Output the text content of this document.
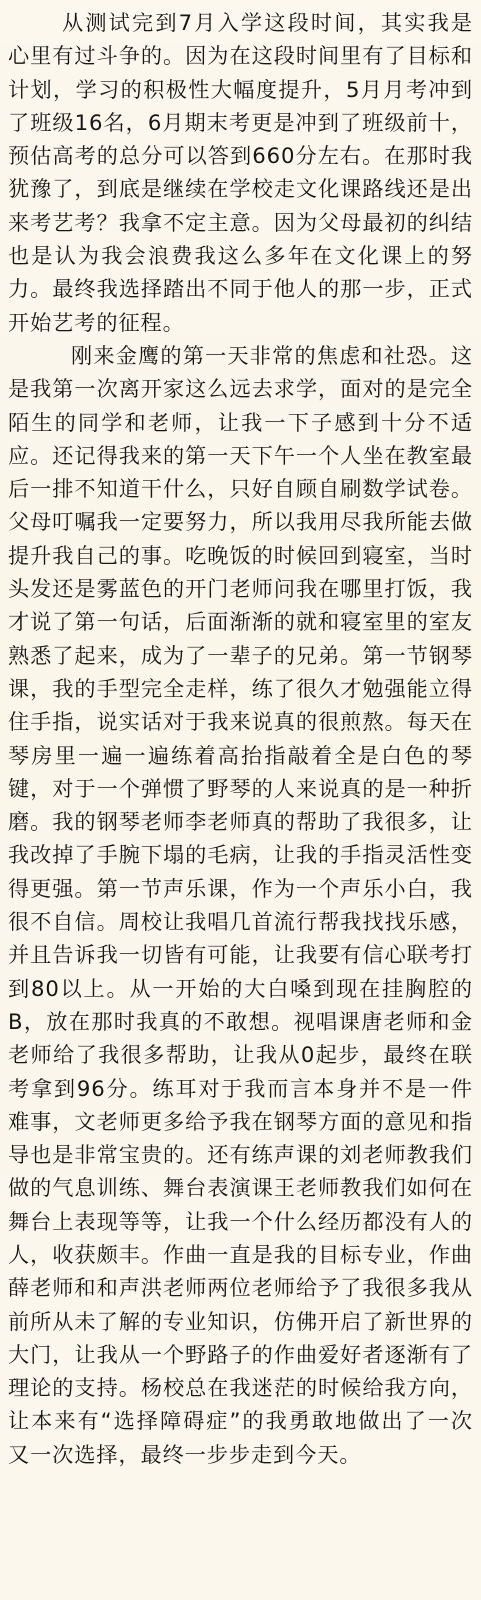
从测试完到7月入学这段时间，其实我是心里有过斗争的。因为在这段时间里有了目标和计划，学习的积极性大幅度提升，5月月考冲到了班级16名，6月期末考更是冲到了班级前十，预估高考的总分可以答到660分左右。在那时我犹豫了，到底是继续在学校走文化课路线还是出来考艺考？我拿不定主意。因为父母最初的纠结也是认为我会浪费我这么多年在文化课上的努力。最终我选择踏出不同于他人的那一步，正式开始艺考的征程。

刚来金鹰的第一天非常的焦虑和社恐。这是我第一次离开家这么远去求学，面对的是完全陌生的同学和老师，让我一下子感到十分不适应。还记得我来的第一天下午一个人坐在教室最后一排不知道干什么，只好自顾自刷数学试卷。父母叮嘱我一定要努力，所以我用尽我所能去做提升我自己的事。吃晚饭的时候回到寝室，当时头发还是雾蓝色的开门老师问我在哪里打饭，我才说了第一句话，后面渐渐的就和寝室里的室友熟悉了起来，成为了一辈子的兄弟。第一节钢琴课，我的手型完全走样，练了很久才勉强能立得住手指，说实话对于我来说真的很煎熬。每天在琴房里一遍一遍练着高抬指敲着全是白色的琴键，对于一个弹惯了野琴的人来说真的是一种折磨。我的钢琴老师李老师真的帮助了我很多，让我改掉了手腕下塌的毛病，让我的手指灵活性变得更强。第一节声乐课，作为一个声乐小白，我很不自信。周校让我唱几首流行帮我找找乐感，并且告诉我一切皆有可能，让我要有信心联考打到80以上。从一开始的大白嗓到现在挂胸腔的B，放在那时我真的不敢想。视唱课唐老师和金老师给了我很多帮助，让我从0起步，最终在联考拿到96分。练耳对于我而言本身并不是一件难事，文老师更多给予我在钢琴方面的意见和指导也是非常宝贵的。还有练声课的刘老师教我们做的气息训练、舞台表演课王老师教我们如何在舞台上表现等等，让我一个什么经历都没有人的人，收获颇丰。作曲一直是我的目标专业，作曲薛老师和和声洪老师两位老师给予了我很多我从前所从未了解的专业知识，仿佛开启了新世界的大门，让我从一个野路子的作曲爱好者逐渐有了理论的支持。杨校总在我迷茫的时候给我方向，让本来有“选择障碍症”的我勇敢地做出了一次又一次选择，最终一步步走到今天。
